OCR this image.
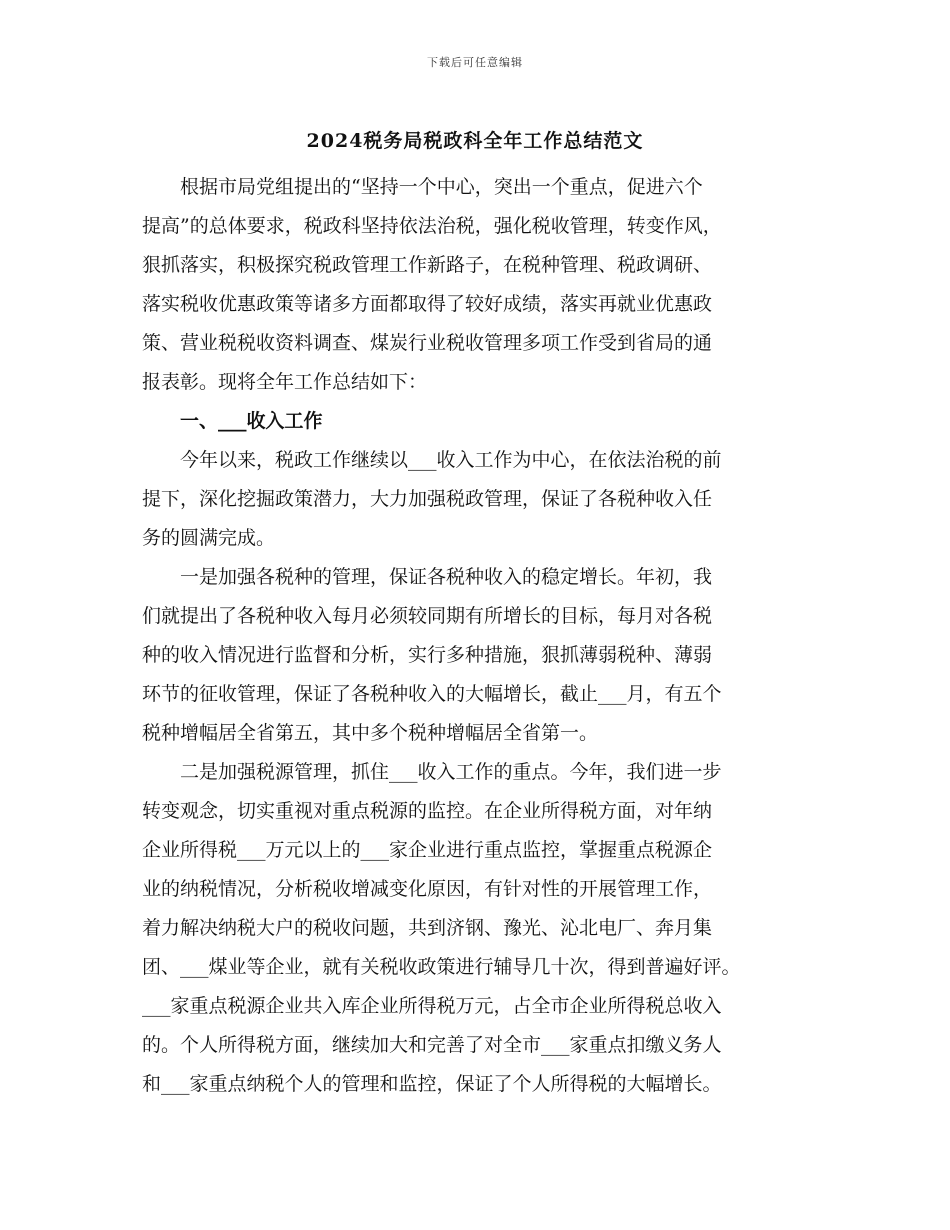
下载后可任意编辑
2024税务局税政科全年工作总结范文
　　根据市局党组提出的“坚持一个中心，突出一个重点，促进六个
提高”的总体要求，税政科坚持依法治税，强化税收管理，转变作风，
狠抓落实，积极探究税政管理工作新路子，在税种管理、税政调研、
落实税收优惠政策等诸多方面都取得了较好成绩，落实再就业优惠政
策、营业税税收资料调查、煤炭行业税收管理多项工作受到省局的通
报表彰。现将全年工作总结如下：
　　一、___收入工作
　　今年以来，税政工作继续以___收入工作为中心，在依法治税的前
提下，深化挖掘政策潜力，大力加强税政管理，保证了各税种收入任
务的圆满完成。
　　一是加强各税种的管理，保证各税种收入的稳定增长。年初，我
们就提出了各税种收入每月必须较同期有所增长的目标，每月对各税
种的收入情况进行监督和分析，实行多种措施，狠抓薄弱税种、薄弱
环节的征收管理，保证了各税种收入的大幅增长，截止___月，有五个
税种增幅居全省第五，其中多个税种增幅居全省第一。
　　二是加强税源管理，抓住___收入工作的重点。今年，我们进一步
转变观念，切实重视对重点税源的监控。在企业所得税方面，对年纳
企业所得税___万元以上的___家企业进行重点监控，掌握重点税源企
业的纳税情况，分析税收增减变化原因，有针对性的开展管理工作，
着力解决纳税大户的税收问题，共到济钢、豫光、沁北电厂、奔月集
团、___煤业等企业，就有关税收政策进行辅导几十次，得到普遍好评。
___家重点税源企业共入库企业所得税万元，占全市企业所得税总收入
的。个人所得税方面，继续加大和完善了对全市___家重点扣缴义务人
和___家重点纳税个人的管理和监控，保证了个人所得税的大幅增长。
